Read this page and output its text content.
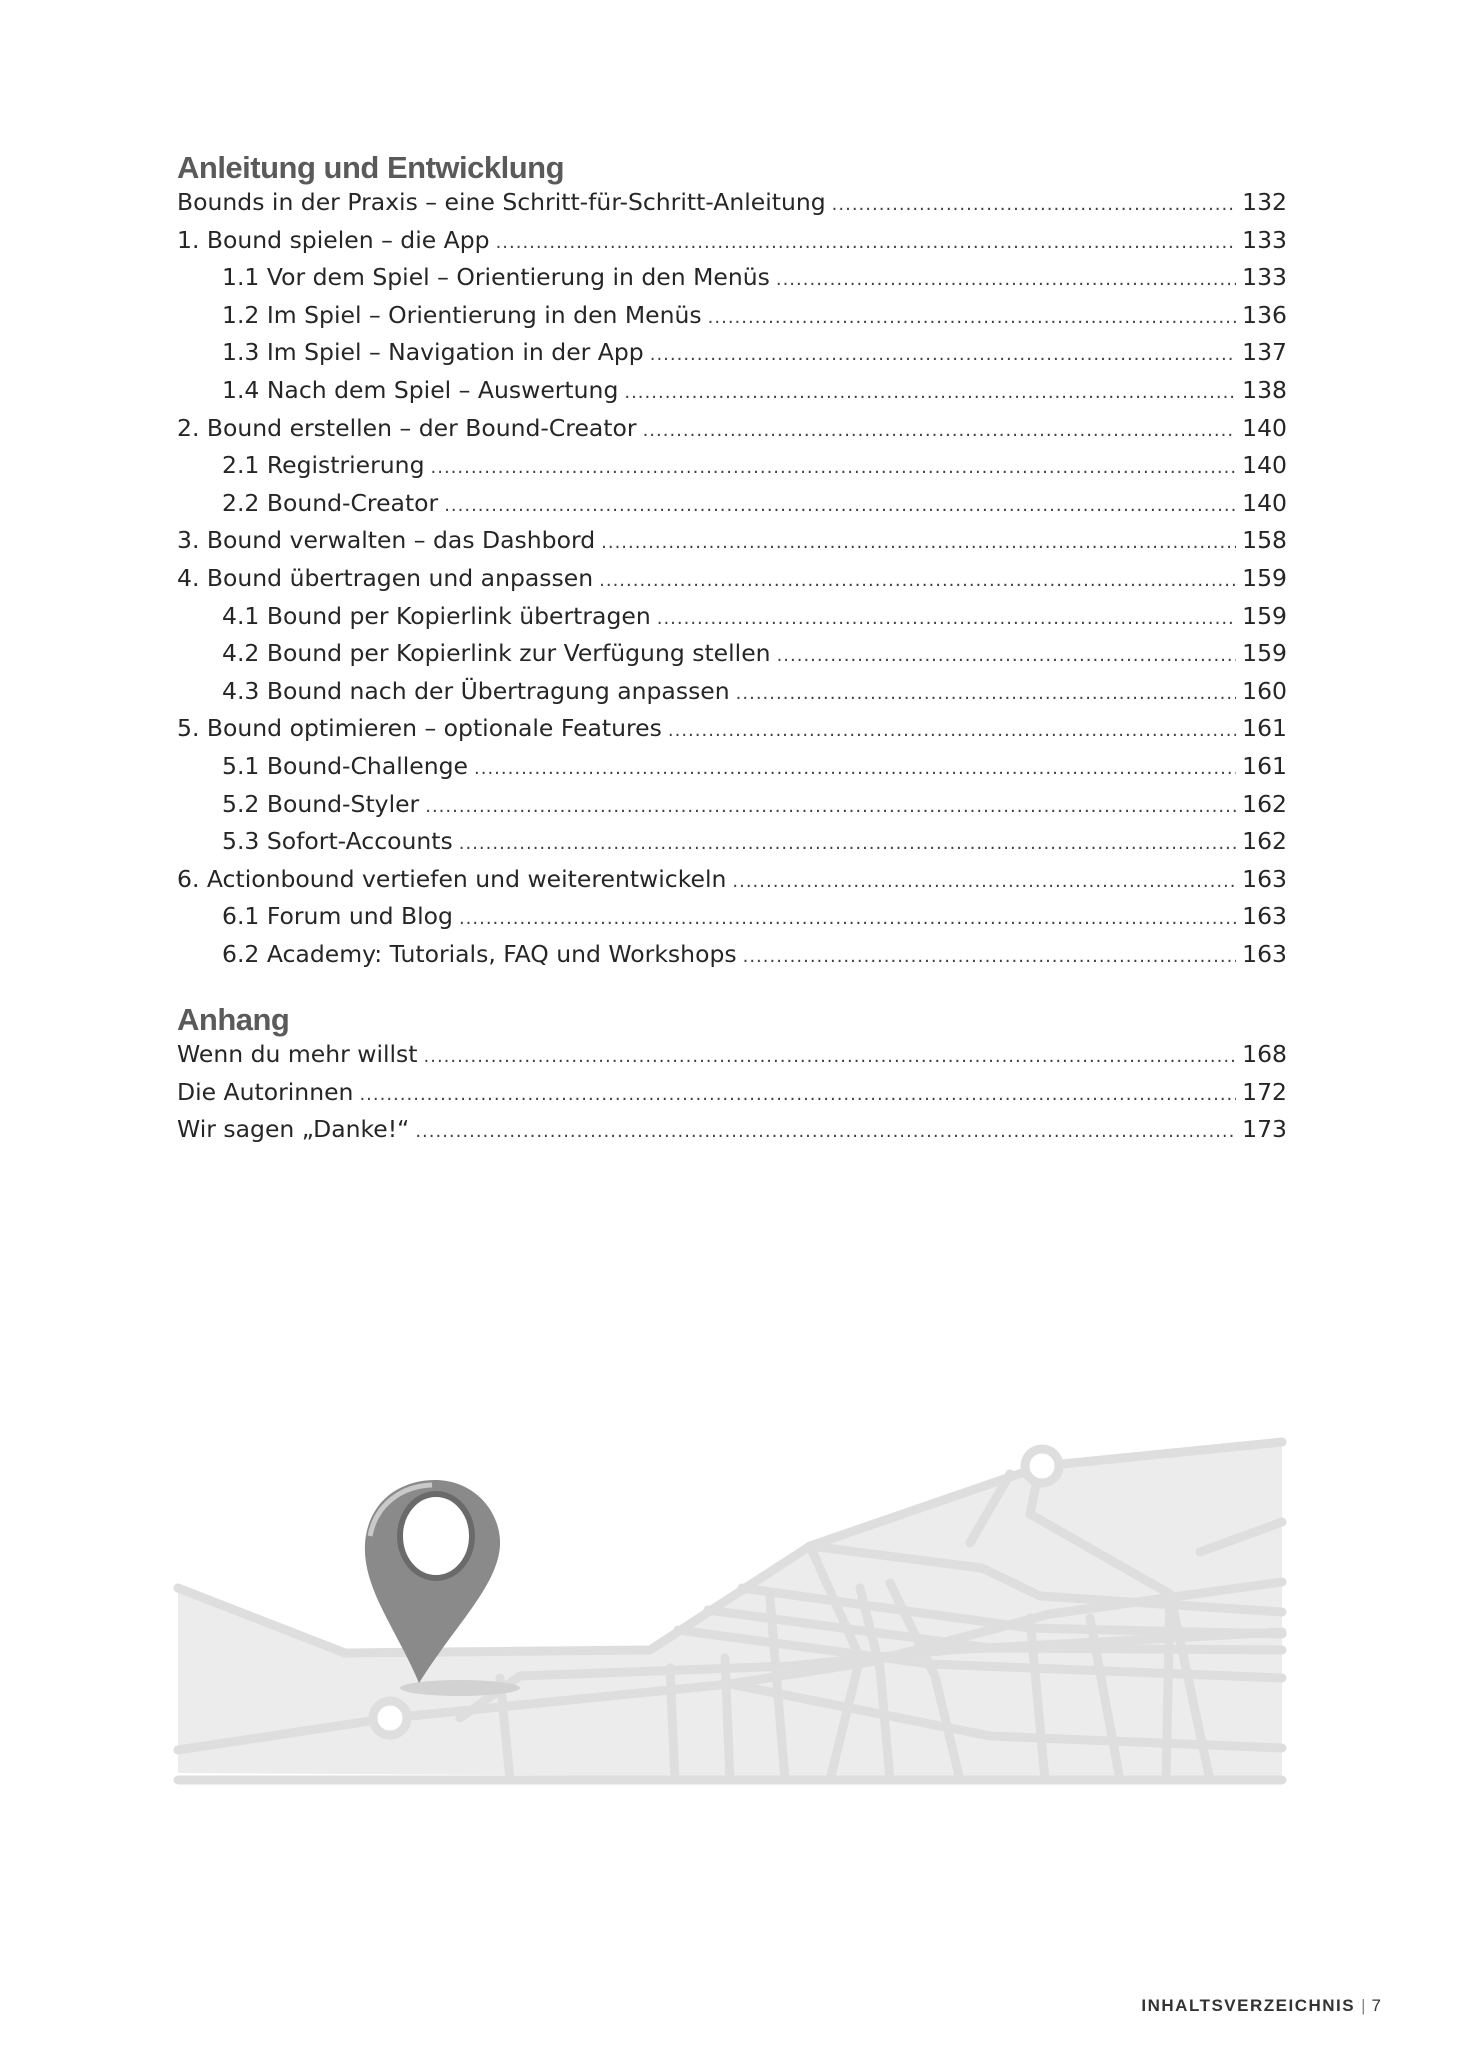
Anleitung und Entwicklung
Bounds in der Praxis – eine Schritt-für-Schritt-Anleitung .....	132
1. Bound spielen – die App .....	133
1.1 Vor dem Spiel – Orientierung in den Menüs .....	133
1.2 Im Spiel – Orientierung in den Menüs .....	136
1.3 Im Spiel – Navigation in der App .....	137
1.4 Nach dem Spiel – Auswertung .....	138
2. Bound erstellen – der Bound-Creator .....	140
2.1 Registrierung .....	140
2.2 Bound-Creator .....	140
3. Bound verwalten – das Dashbord .....	158
4. Bound übertragen und anpassen .....	159
4.1 Bound per Kopierlink übertragen .....	159
4.2 Bound per Kopierlink zur Verfügung stellen .....	159
4.3 Bound nach der Übertragung anpassen .....	160
5. Bound optimieren – optionale Features .....	161
5.1 Bound-Challenge .....	161
5.2 Bound-Styler .....	162
5.3 Sofort-Accounts .....	162
6. Actionbound vertiefen und weiterentwickeln .....	163
6.1 Forum und Blog .....	163
6.2 Academy: Tutorials, FAQ und Workshops .....	163
Anhang
Wenn du mehr willst .....	168
Die Autorinnen .....	172
Wir sagen „Danke!“ .....	173
INHALTSVERZEICHNIS | 7
